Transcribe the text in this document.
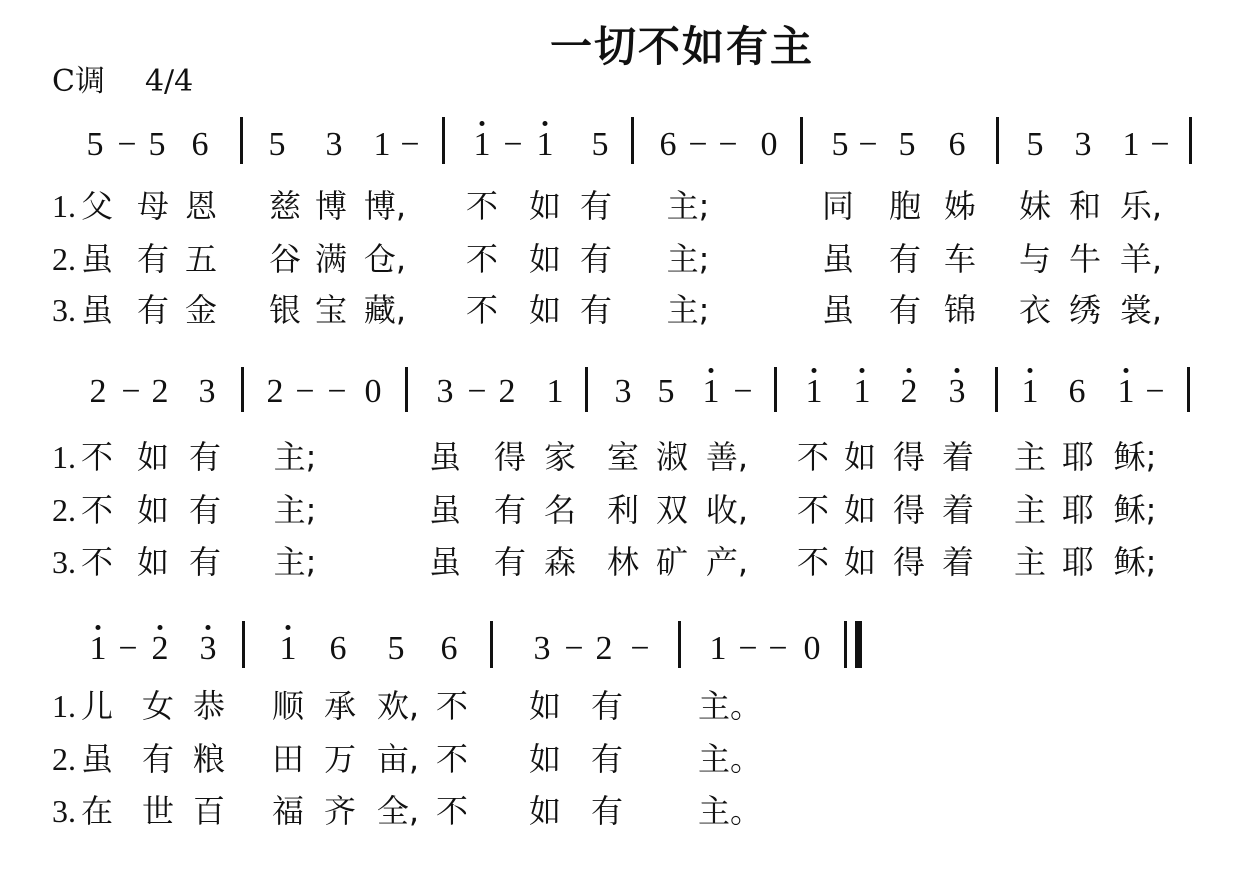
一切不如有主
C调 4/4
5 − 5 6 5 3 1 − 1 − 1 5 6 − − 0 5 − 5 6 5 3 1 −
1. 父 母 恩 慈 博 博, 不 如 有 主;	同 胞 姊 妹 和 乐,
2. 虽 有 五 谷 满 仓, 不 如 有 主;	虽 有 车 与 牛 羊,
3. 虽 有 金 银 宝 藏, 不 如 有 主;	虽 有 锦 衣 绣 裳,
2 − 2 3 2 − − 0 3 − 2 1 3 5 1 − 1 1 2 3 1 6 1 −
1. 不 如 有 主;	虽 得 家 室 淑 善, 不 如 得 着 主 耶 稣;
2. 不 如 有 主;	虽 有 名 利 双 收, 不 如 得 着 主 耶 稣;
3. 不 如 有 主;	虽 有 森 林 矿 产, 不 如 得 着 主 耶 稣;
1 − 2 3 1 6 5 6 3 − 2 − 1 − − 0
1. 儿 女 恭 顺 承 欢, 不 如 有 主。
2. 虽 有 粮 田 万 亩, 不 如 有 主。
3. 在 世 百 福 齐 全, 不 如 有 主。
